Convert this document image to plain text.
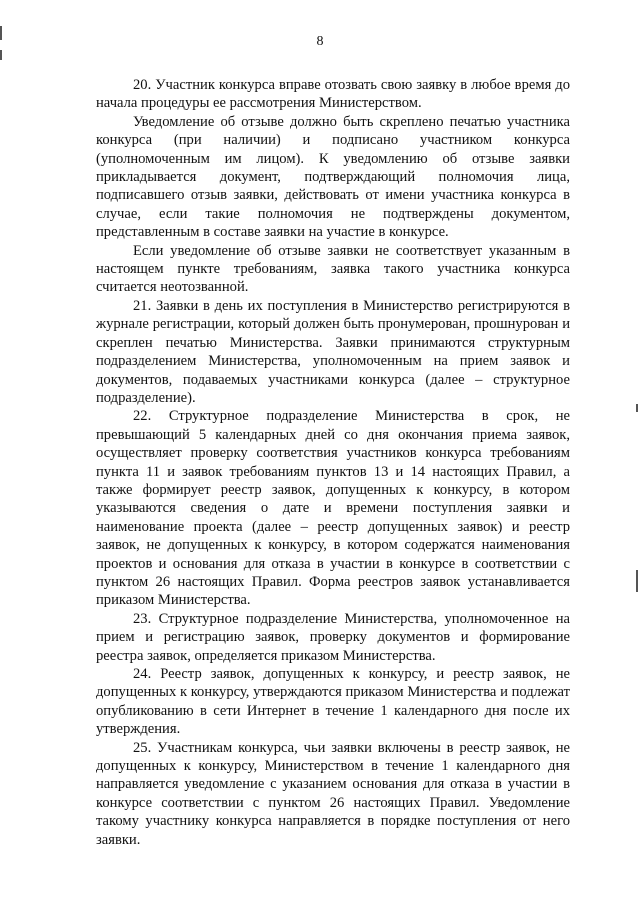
8

20. Участник конкурса вправе отозвать свою заявку в любое время до начала процедуры ее рассмотрения Министерством.

Уведомление об отзыве должно быть скреплено печатью участника конкурса (при наличии) и подписано участником конкурса (уполномоченным им лицом). К уведомлению об отзыве заявки прикладывается документ, подтверждающий полномочия лица, подписавшего отзыв заявки, действовать от имени участника конкурса в случае, если такие полномочия не подтверждены документом, представленным в составе заявки на участие в конкурсе.

Если уведомление об отзыве заявки не соответствует указанным в настоящем пункте требованиям, заявка такого участника конкурса считается неотозванной.

21. Заявки в день их поступления в Министерство регистрируются в журнале регистрации, который должен быть пронумерован, прошнурован и скреплен печатью Министерства. Заявки принимаются структурным подразделением Министерства, уполномоченным на прием заявок и документов, подаваемых участниками конкурса (далее – структурное подразделение).

22. Структурное подразделение Министерства в срок, не превышающий 5 календарных дней со дня окончания приема заявок, осуществляет проверку соответствия участников конкурса требованиям пункта 11 и заявок требованиям пунктов 13 и 14 настоящих Правил, а также формирует реестр заявок, допущенных к конкурсу, в котором указываются сведения о дате и времени поступления заявки и наименование проекта (далее – реестр допущенных заявок) и реестр заявок, не допущенных к конкурсу, в котором содержатся наименования проектов и основания для отказа в участии в конкурсе в соответствии с пунктом 26 настоящих Правил. Форма реестров заявок устанавливается приказом Министерства.

23. Структурное подразделение Министерства, уполномоченное на прием и регистрацию заявок, проверку документов и формирование реестра заявок, определяется приказом Министерства.

24. Реестр заявок, допущенных к конкурсу, и реестр заявок, не допущенных к конкурсу, утверждаются приказом Министерства и подлежат опубликованию в сети Интернет в течение 1 календарного дня после их утверждения.

25. Участникам конкурса, чьи заявки включены в реестр заявок, не допущенных к конкурсу, Министерством в течение 1 календарного дня направляется уведомление с указанием основания для отказа в участии в конкурсе соответствии с пунктом 26 настоящих Правил. Уведомление такому участнику конкурса направляется в порядке поступления от него заявки.
